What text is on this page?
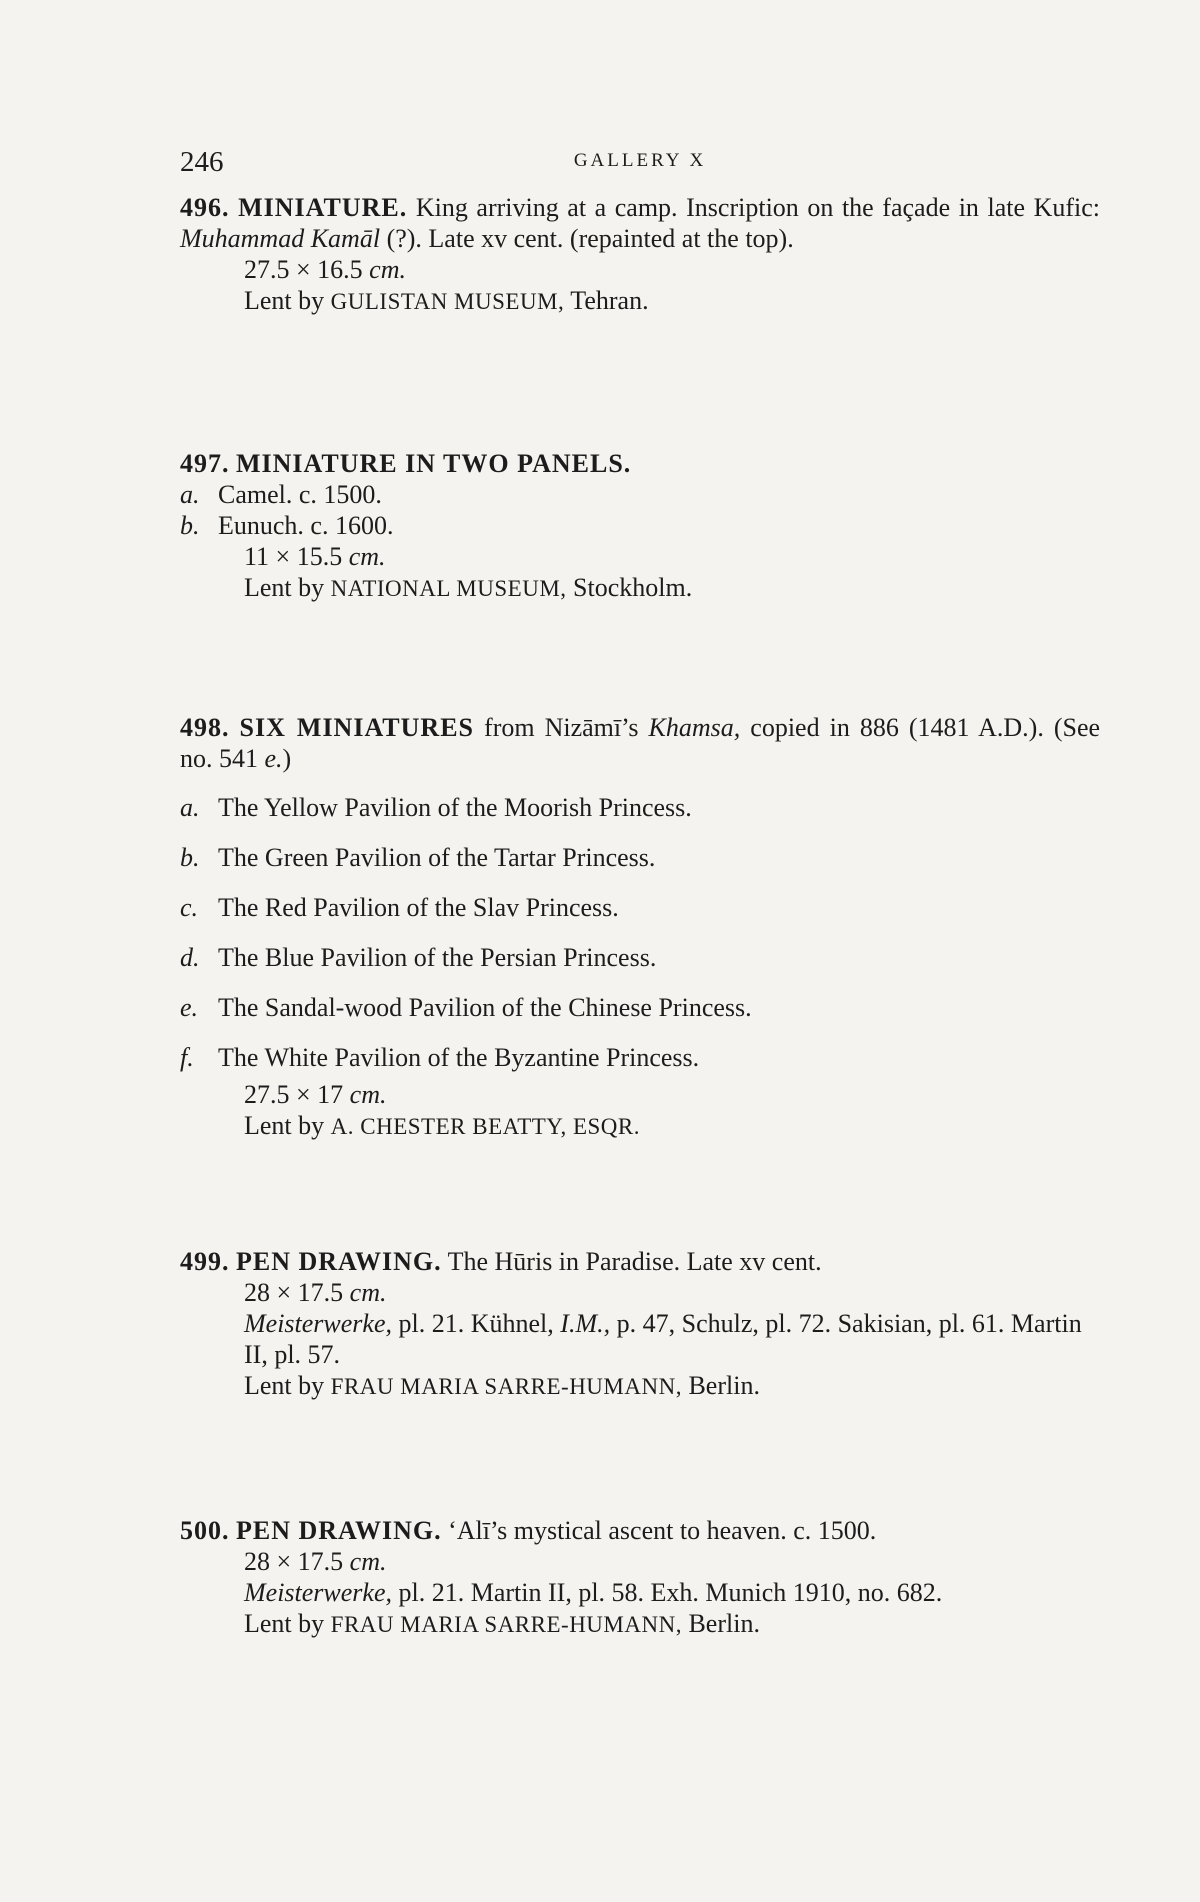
246	GALLERY X

496. MINIATURE. King arriving at a camp. Inscription on the façade in late Kufic: Muhammad Kamāl (?). Late xv cent. (repainted at the top).

27.5 × 16.5 cm.

Lent by GULISTAN MUSEUM, Tehran.

497. MINIATURE IN TWO PANELS.

a. Camel. c. 1500.

b. Eunuch. c. 1600.

11 × 15.5 cm.

Lent by NATIONAL MUSEUM, Stockholm.

498. SIX MINIATURES from Nizāmī’s Khamsa, copied in 886 (1481 A.D.). (See no. 541 e.)

a. The Yellow Pavilion of the Moorish Princess.

b. The Green Pavilion of the Tartar Princess.

c. The Red Pavilion of the Slav Princess.

d. The Blue Pavilion of the Persian Princess.

e. The Sandal-wood Pavilion of the Chinese Princess.

f. The White Pavilion of the Byzantine Princess.

27.5 × 17 cm.

Lent by A. CHESTER BEATTY, ESQR.

499. PEN DRAWING. The Hūris in Paradise. Late xv cent.

28 × 17.5 cm.

Meisterwerke, pl. 21. Kühnel, I.M., p. 47, Schulz, pl. 72. Sakisian, pl. 61. Martin II, pl. 57.

Lent by FRAU MARIA SARRE-HUMANN, Berlin.

500. PEN DRAWING. ‘Alī’s mystical ascent to heaven. c. 1500.

28 × 17.5 cm.

Meisterwerke, pl. 21. Martin II, pl. 58. Exh. Munich 1910, no. 682.

Lent by FRAU MARIA SARRE-HUMANN, Berlin.
